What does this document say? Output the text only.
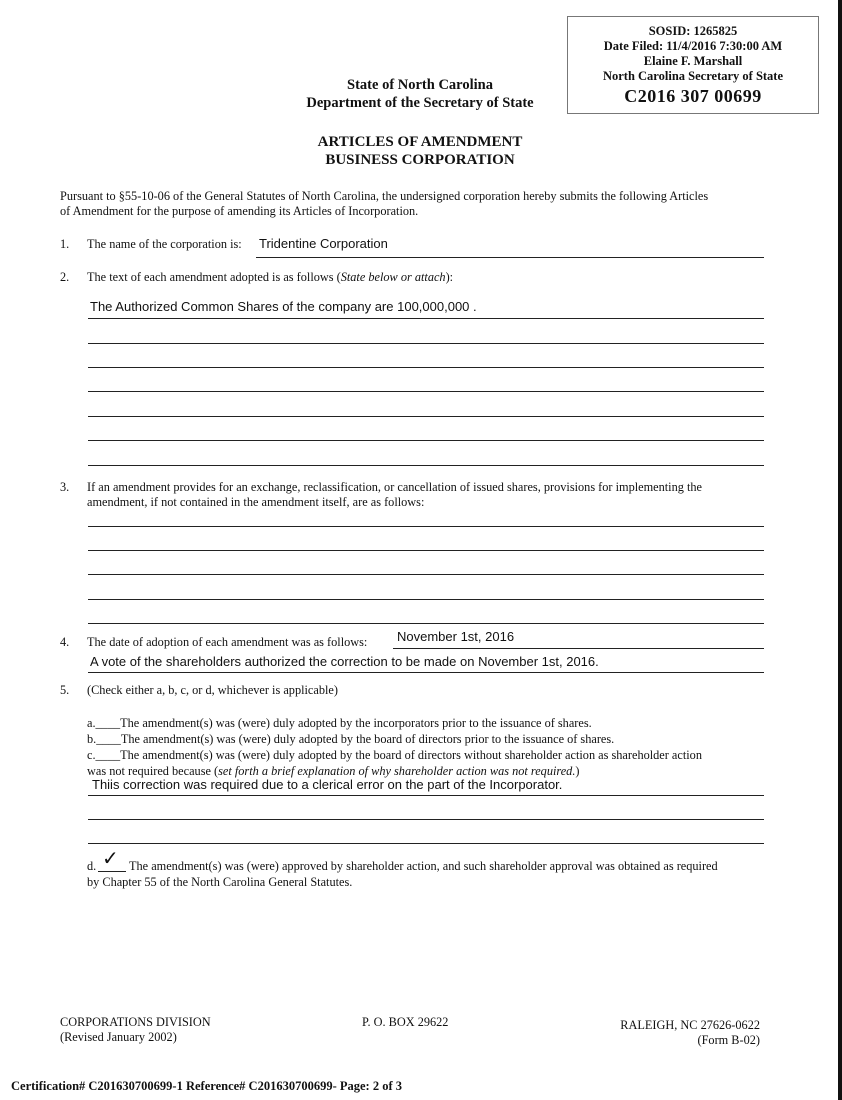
SOSID: 1265825
Date Filed: 11/4/2016 7:30:00 AM
Elaine F. Marshall
North Carolina Secretary of State
C2016 307 00699
State of North Carolina
Department of the Secretary of State
ARTICLES OF AMENDMENT
BUSINESS CORPORATION
Pursuant to §55-10-06 of the General Statutes of North Carolina, the undersigned corporation hereby submits the following Articles
of Amendment for the purpose of amending its Articles of Incorporation.
1.	The name of the corporation is: Tridentine Corporation
2.	The text of each amendment adopted is as follows (State below or attach):
The Authorized Common Shares of the company are 100,000,000 .
3.	If an amendment provides for an exchange, reclassification, or cancellation of issued shares, provisions for implementing the
amendment, if not contained in the amendment itself, are as follows:
4.	The date of adoption of each amendment was as follows: November 1st, 2016
A vote of the shareholders authorized the correction to be made on November 1st, 2016.
5.	(Check either a, b, c, or d, whichever is applicable)
a.____The amendment(s) was (were) duly adopted by the incorporators prior to the issuance of shares.
b.____The amendment(s) was (were) duly adopted by the board of directors prior to the issuance of shares.
c.____The amendment(s) was (were) duly adopted by the board of directors without shareholder action as shareholder action
was not required because (set forth a brief explanation of why shareholder action was not required.)
Thiis correction was required due to a clerical error on the part of the Incorporator.
d. ✓ The amendment(s) was (were) approved by shareholder action, and such shareholder approval was obtained as required
by Chapter 55 of the North Carolina General Statutes.
CORPORATIONS DIVISION
(Revised January 2002)
P. O. BOX 29622	RALEIGH, NC 27626-0622
(Form B-02)
Certification# C201630700699-1 Reference# C201630700699- Page: 2 of 3
